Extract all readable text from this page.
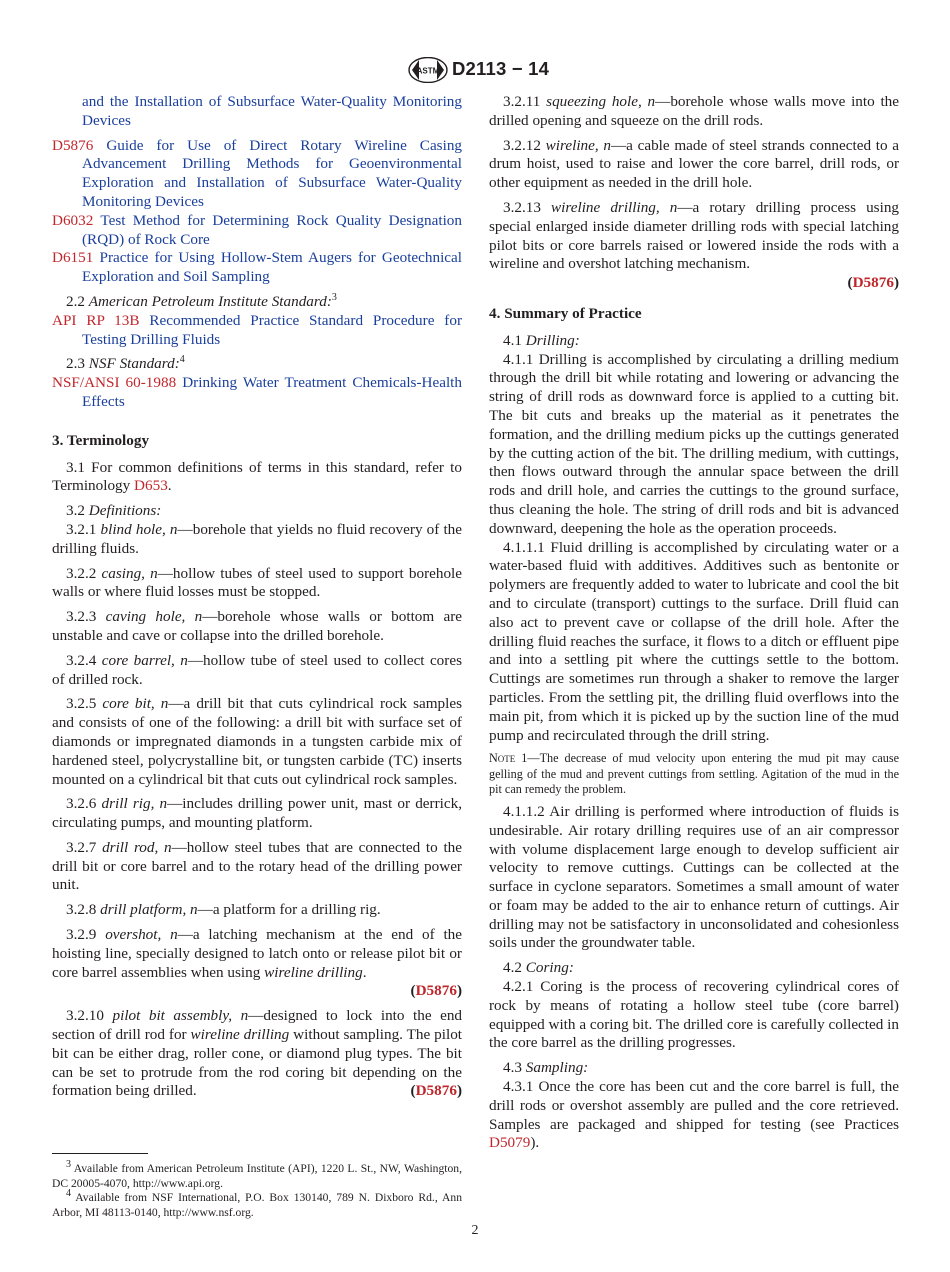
ASTM D2113 − 14

and the Installation of Subsurface Water-Quality Monitoring Devices

D5876 Guide for Use of Direct Rotary Wireline Casing Advancement Drilling Methods for Geoenvironmental Exploration and Installation of Subsurface Water-Quality Monitoring Devices

D6032 Test Method for Determining Rock Quality Designation (RQD) of Rock Core

D6151 Practice for Using Hollow-Stem Augers for Geotechnical Exploration and Soil Sampling

2.2 American Petroleum Institute Standard:$^3$

API RP 13B Recommended Practice Standard Procedure for Testing Drilling Fluids

2.3 NSF Standard:$^4$

NSF/ANSI 60-1988 Drinking Water Treatment Chemicals-Health Effects

3. Terminology

3.1 For common definitions of terms in this standard, refer to Terminology D653.

3.2 Definitions:

3.2.1 blind hole, n—borehole that yields no fluid recovery of the drilling fluids.

3.2.2 casing, n—hollow tubes of steel used to support borehole walls or where fluid losses must be stopped.

3.2.3 caving hole, n—borehole whose walls or bottom are unstable and cave or collapse into the drilled borehole.

3.2.4 core barrel, n—hollow tube of steel used to collect cores of drilled rock.

3.2.5 core bit, n—a drill bit that cuts cylindrical rock samples and consists of one of the following: a drill bit with surface set of diamonds or impregnated diamonds in a tungsten carbide mix of hardened steel, polycrystalline bit, or tungsten carbide (TC) inserts mounted on a cylindrical bit that cuts out cylindrical rock samples.

3.2.6 drill rig, n—includes drilling power unit, mast or derrick, circulating pumps, and mounting platform.

3.2.7 drill rod, n—hollow steel tubes that are connected to the drill bit or core barrel and to the rotary head of the drilling power unit.

3.2.8 drill platform, n—a platform for a drilling rig.

3.2.9 overshot, n—a latching mechanism at the end of the hoisting line, specially designed to latch onto or release pilot bit or core barrel assemblies when using wireline drilling.
(D5876)

3.2.10 pilot bit assembly, n—designed to lock into the end section of drill rod for wireline drilling without sampling. The pilot bit can be either drag, roller cone, or diamond plug types. The bit can be set to protrude from the rod coring bit depending on the formation being drilled.	(D5876)

3 Available from American Petroleum Institute (API), 1220 L. St., NW, Washington, DC 20005-4070, http://www.api.org.

4 Available from NSF International, P.O. Box 130140, 789 N. Dixboro Rd., Ann Arbor, MI 48113-0140, http://www.nsf.org.

3.2.11 squeezing hole, n—borehole whose walls move into the drilled opening and squeeze on the drill rods.

3.2.12 wireline, n—a cable made of steel strands connected to a drum hoist, used to raise and lower the core barrel, drill rods, or other equipment as needed in the drill hole.

3.2.13 wireline drilling, n—a rotary drilling process using special enlarged inside diameter drilling rods with special latching pilot bits or core barrels raised or lowered inside the rods with a wireline and overshot latching mechanism.
(D5876)

4. Summary of Practice

4.1 Drilling:

4.1.1 Drilling is accomplished by circulating a drilling medium through the drill bit while rotating and lowering or advancing the string of drill rods as downward force is applied to a cutting bit. The bit cuts and breaks up the material as it penetrates the formation, and the drilling medium picks up the cuttings generated by the cutting action of the bit. The drilling medium, with cuttings, then flows outward through the annular space between the drill rods and drill hole, and carries the cuttings to the ground surface, thus cleaning the hole. The string of drill rods and bit is advanced downward, deepening the hole as the operation proceeds.

4.1.1.1 Fluid drilling is accomplished by circulating water or a water-based fluid with additives. Additives such as bentonite or polymers are frequently added to water to lubricate and cool the bit and to circulate (transport) cuttings to the surface. Drill fluid can also act to prevent cave or collapse of the drill hole. After the drilling fluid reaches the surface, it flows to a ditch or effluent pipe and into a settling pit where the cuttings settle to the bottom. Cuttings are sometimes run through a shaker to remove the larger particles. From the settling pit, the drilling fluid overflows into the main pit, from which it is picked up by the suction line of the mud pump and recirculated through the drill string.

Note 1—The decrease of mud velocity upon entering the mud pit may cause gelling of the mud and prevent cuttings from settling. Agitation of the mud in the pit can remedy the problem.

4.1.1.2 Air drilling is performed where introduction of fluids is undesirable. Air rotary drilling requires use of an air compressor with volume displacement large enough to develop sufficient air velocity to remove cuttings. Cuttings can be collected at the surface in cyclone separators. Sometimes a small amount of water or foam may be added to the air to enhance return of cuttings. Air drilling may not be satisfactory in unconsolidated and cohesionless soils under the groundwater table.

4.2 Coring:

4.2.1 Coring is the process of recovering cylindrical cores of rock by means of rotating a hollow steel tube (core barrel) equipped with a coring bit. The drilled core is carefully collected in the core barrel as the drilling progresses.

4.3 Sampling:

4.3.1 Once the core has been cut and the core barrel is full, the drill rods or overshot assembly are pulled and the core retrieved. Samples are packaged and shipped for testing (see Practices D5079).

2
